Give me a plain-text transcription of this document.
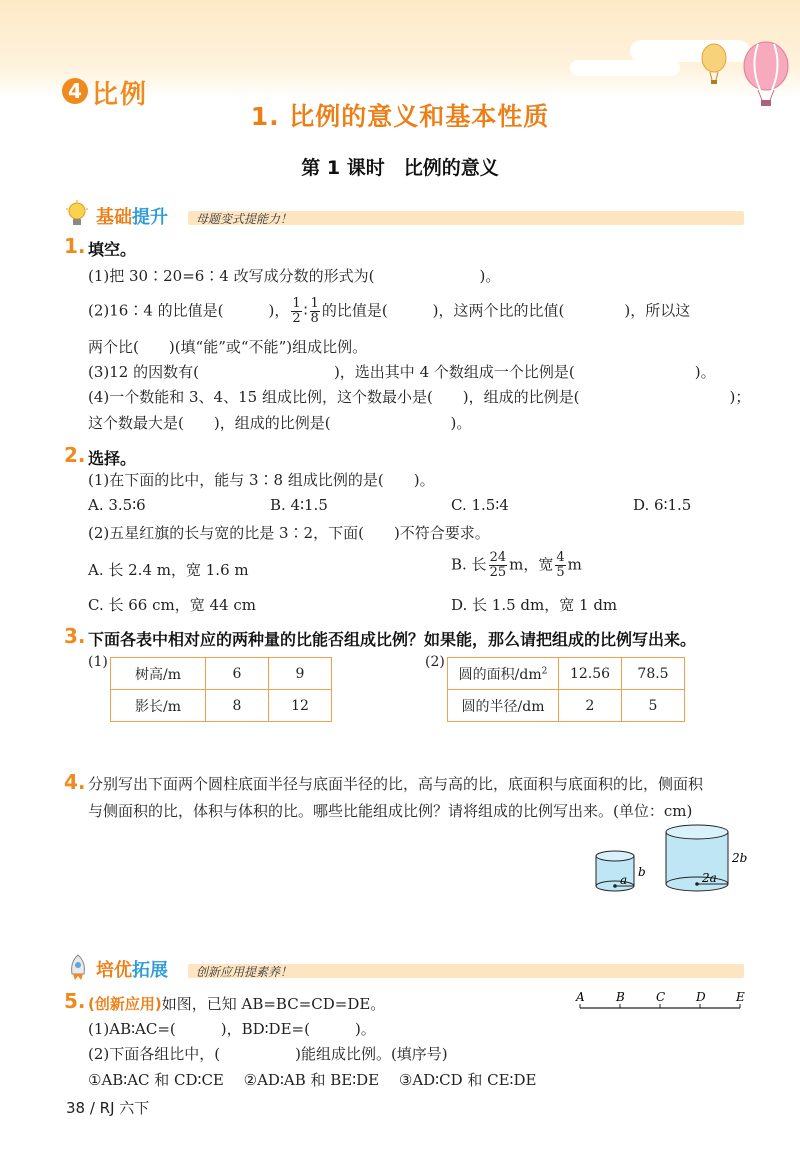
4 比例
1. 比例的意义和基本性质
第 1 课时　比例的意义
基础提升 母题变式提能力！
1. 填空。
(1)把 30∶20=6∶4 改写成分数的形式为(　　　　　　　)。
(2)16∶4 的比值是(　　　)， $\frac{1}{2}$ ∶ $\frac{1}{8}$ 的比值是(　　　)，这两个比的比值(　　　　)，所以这
两个比(　　)(填“能”或“不能”)组成比例。
(3)12 的因数有(　　　　　　　　　)，选出其中 4 个数组成一个比例是(　　　　　　　　)。
(4)一个数能和 3、4、15 组成比例，这个数最小是(　　)，组成的比例是(　　　　　　　　　　)；
这个数最大是(　　)，组成的比例是(　　　　　　　　)。
2. 选择。
(1)在下面的比中，能与 3∶8 组成比例的是(　　)。
A. 3.5∶6	B. 4∶1.5	C. 1.5∶4	D. 6∶1.5
(2)五星红旗的长与宽的比是 3∶2，下面(　　)不符合要求。
A. 长 2.4 m，宽 1.6 m	B. 长 $\frac{24}{25}$ m，宽 $\frac{4}{5}$ m
C. 长 66 cm，宽 44 cm	D. 长 1.5 dm，宽 1 dm
3. 下面各表中相对应的两种量的比能否组成比例？如果能，那么请把组成的比例写出来。
(1)
树高/m	6	9
影长/m	8	12
(2)
圆的面积$/dm^2$	12.56	78.5
圆的半径/dm	2	5
4. 分别写出下面两个圆柱底面半径与底面半径的比，高与高的比，底面积与底面积的比，侧面积
与侧面积的比，体积与体积的比。哪些比能组成比例？请将组成的比例写出来。(单位：cm)
a
b	2a
2b
培优拓展 创新应用提素养！
5. (创新应用)如图，已知 AB=BC=CD=DE。
(1)AB∶AC=(　　　)，BD∶DE=(　　　)。
(2)下面各组比中，(　　　　　)能组成比例。(填序号)
①AB∶AC 和 CD∶CE　 ②AD∶AB 和 BE∶DE　 ③AD∶CD 和 CE∶DE
A	B	C	D	E
38 / RJ 六下
